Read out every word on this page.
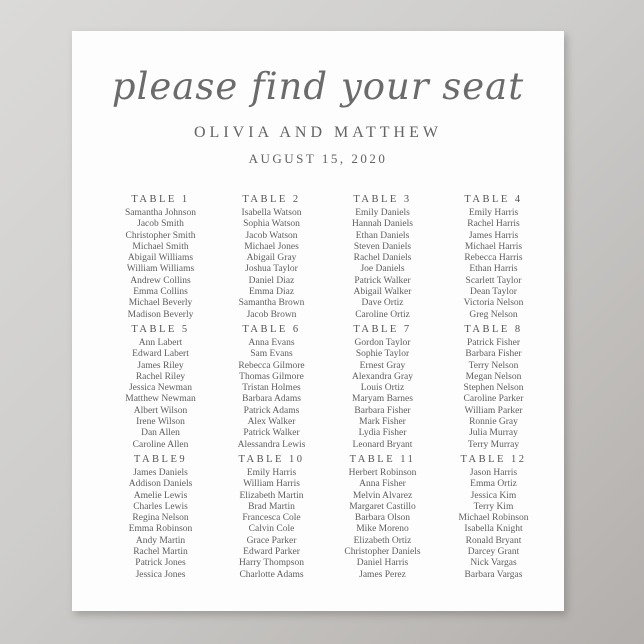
please find your seat
OLIVIA AND MATTHEW
AUGUST 15, 2020
TABLE 1
Samantha Johnson
Jacob Smith
Christopher Smith
Michael Smith
Abigail Williams
William Williams
Andrew Collins
Emma Collins
Michael Beverly
Madison Beverly
TABLE 2
Isabella Watson
Sophia Watson
Jacob Watson
Michael Jones
Abigail Gray
Joshua Taylor
Daniel Diaz
Emma Diaz
Samantha Brown
Jacob Brown
TABLE 3
Emily Daniels
Hannah Daniels
Ethan Daniels
Steven Daniels
Rachel Daniels
Joe Daniels
Patrick Walker
Abigail Walker
Dave Ortiz
Caroline Ortiz
TABLE 4
Emily Harris
Rachel Harris
James Harris
Michael Harris
Rebecca Harris
Ethan Harris
Scarlett Taylor
Dean Taylor
Victoria Nelson
Greg Nelson
TABLE 5
Ann Labert
Edward Labert
James Riley
Rachel Riley
Jessica Newman
Matthew Newman
Albert Wilson
Irene Wilson
Dan Allen
Caroline Allen
TABLE 6
Anna Evans
Sam Evans
Rebecca Gilmore
Thomas Gilmore
Tristan Holmes
Barbara Adams
Patrick Adams
Alex Walker
Patrick Walker
Alessandra Lewis
TABLE 7
Gordon Taylor
Sophie Taylor
Ernest Gray
Alexandra Gray
Louis Ortiz
Maryam Barnes
Barbara Fisher
Mark Fisher
Lydia Fisher
Leonard Bryant
TABLE 8
Patrick Fisher
Barbara Fisher
Terry Nelson
Megan Nelson
Stephen Nelson
Caroline Parker
William Parker
Ronnie Gray
Julia Murray
Terry Murray
TABLE9
James Daniels
Addison Daniels
Amelie Lewis
Charles Lewis
Regina Nelson
Emma Robinson
Andy Martin
Rachel Martin
Patrick Jones
Jessica Jones
TABLE 10
Emily Harris
William Harris
Elizabeth Martin
Brad Martin
Francesca Cole
Calvin Cole
Grace Parker
Edward Parker
Harry Thompson
Charlotte Adams
TABLE 11
Herbert Robinson
Anna Fisher
Melvin Alvarez
Margaret Castillo
Barbara Olson
Mike Moreno
Elizabeth Ortiz
Christopher Daniels
Daniel Harris
James Perez
TABLE 12
Jason Harris
Emma Ortiz
Jessica Kim
Terry Kim
Michael Robinson
Isabella Knight
Ronald Bryant
Darcey Grant
Nick Vargas
Barbara Vargas
